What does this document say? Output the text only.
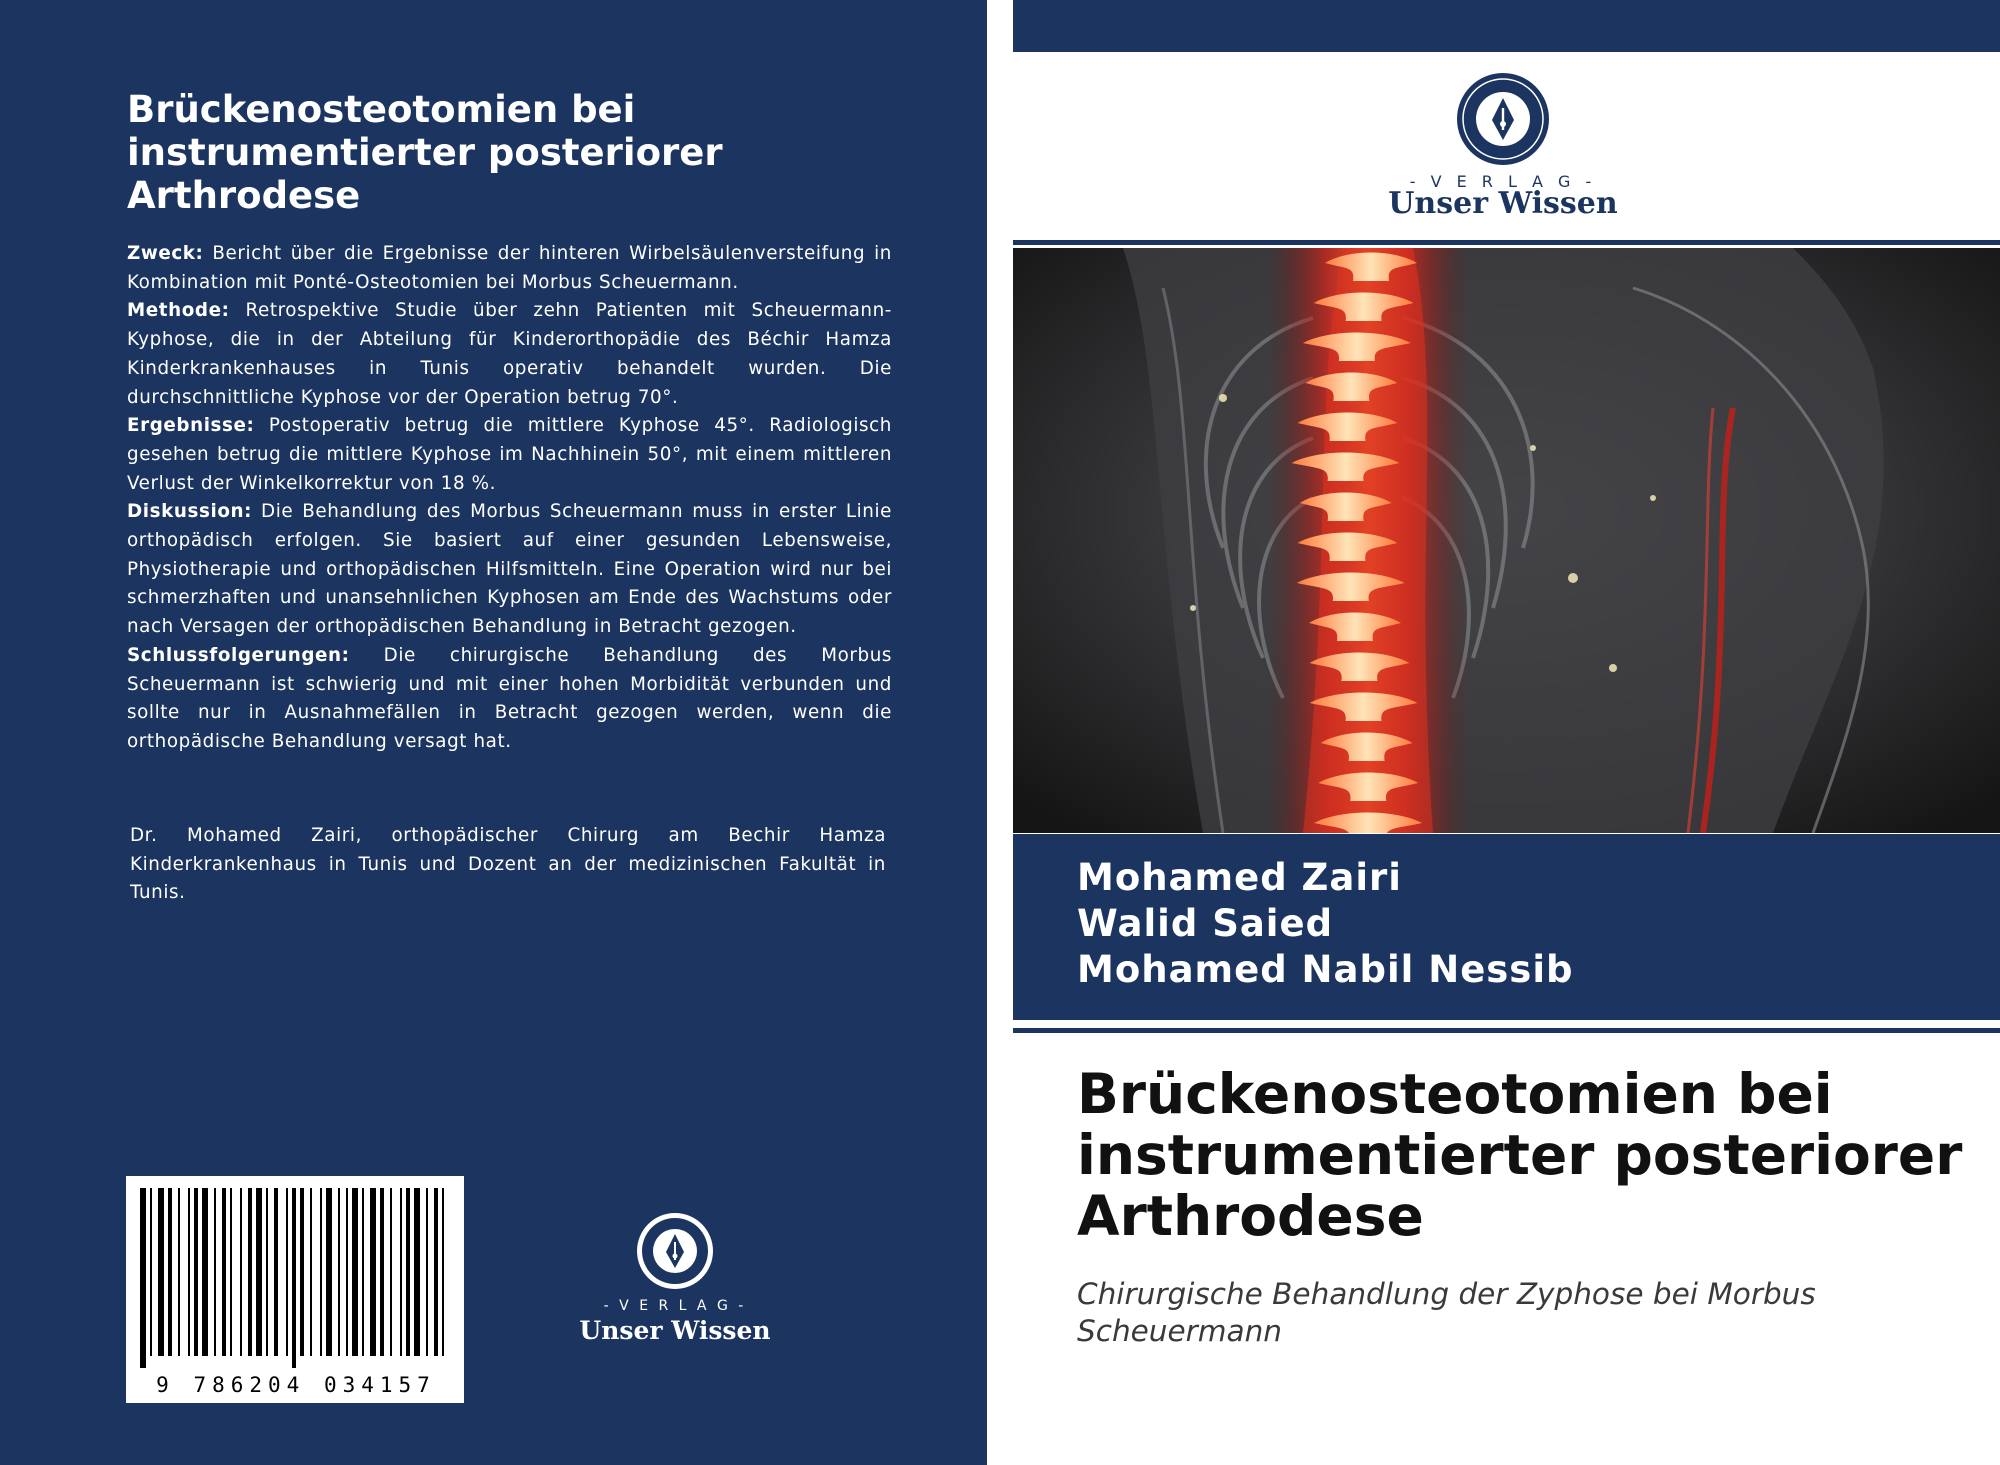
Brückenosteotomien bei instrumentierter posteriorer Arthrodese

Zweck: Bericht über die Ergebnisse der hinteren Wirbelsäulenversteifung in Kombination mit Ponté-Osteotomien bei Morbus Scheuermann.

Methode: Retrospektive Studie über zehn Patienten mit Scheuermann-Kyphose, die in der Abteilung für Kinderorthopädie des Béchir Hamza Kinderkrankenhauses in Tunis operativ behandelt wurden. Die durchschnittliche Kyphose vor der Operation betrug 70°.

Ergebnisse: Postoperativ betrug die mittlere Kyphose 45°. Radiologisch gesehen betrug die mittlere Kyphose im Nachhinein 50°, mit einem mittleren Verlust der Winkelkorrektur von 18 %.

Diskussion: Die Behandlung des Morbus Scheuermann muss in erster Linie orthopädisch erfolgen. Sie basiert auf einer gesunden Lebensweise, Physiotherapie und orthopädischen Hilfsmitteln. Eine Operation wird nur bei schmerzhaften und unansehnlichen Kyphosen am Ende des Wachstums oder nach Versagen der orthopädischen Behandlung in Betracht gezogen.

Schlussfolgerungen: Die chirurgische Behandlung des Morbus Scheuermann ist schwierig und mit einer hohen Morbidität verbunden und sollte nur in Ausnahmefällen in Betracht gezogen werden, wenn die orthopädische Behandlung versagt hat.

Dr. Mohamed Zairi, orthopädischer Chirurg am Bechir Hamza Kinderkrankenhaus in Tunis und Dozent an der medizinischen Fakultät in Tunis.

9 786204 034157
- V E R L A G -
Unser Wissen
- V E R L A G -
Unser Wissen
Mohamed Zairi
Walid Saied
Mohamed Nabil Nessib
Brückenosteotomien bei instrumentierter posteriorer Arthrodese

Chirurgische Behandlung der Zyphose bei Morbus Scheuermann
